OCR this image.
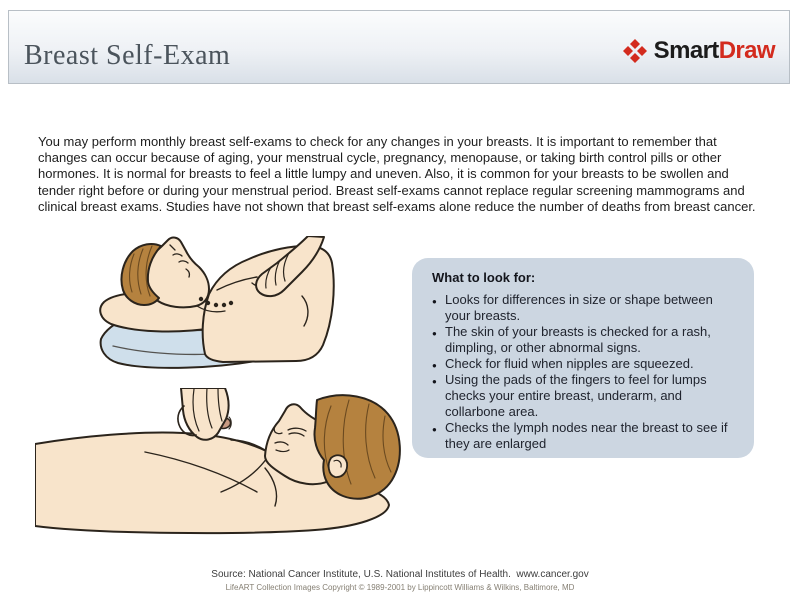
Breast Self-Exam	SmartDraw

You may perform monthly breast self-exams to check for any changes in your breasts. It is important to remember that changes can occur because of aging, your menstrual cycle, pregnancy, menopause, or taking birth control pills or other hormones. It is normal for breasts to feel a little lumpy and uneven. Also, it is common for your breasts to be swollen and tender right before or during your menstrual period. Breast self-exams cannot replace regular screening mammograms and clinical breast exams. Studies have not shown that breast self-exams alone reduce the number of deaths from breast cancer.

What to look for:

● Looks for differences in size or shape between your breasts.
● The skin of your breasts is checked for a rash, dimpling, or other abnormal signs.
● Check for fluid when nipples are squeezed.
● Using the pads of the fingers to feel for lumps checks your entire breast, underarm, and collarbone area.
● Checks the lymph nodes near the breast to see if they are enlarged
Source: National Cancer Institute, U.S. National Institutes of Health.  www.cancer.gov
LifeART Collection Images Copyright © 1989-2001 by Lippincott Williams & Wilkins, Baltimore, MD
